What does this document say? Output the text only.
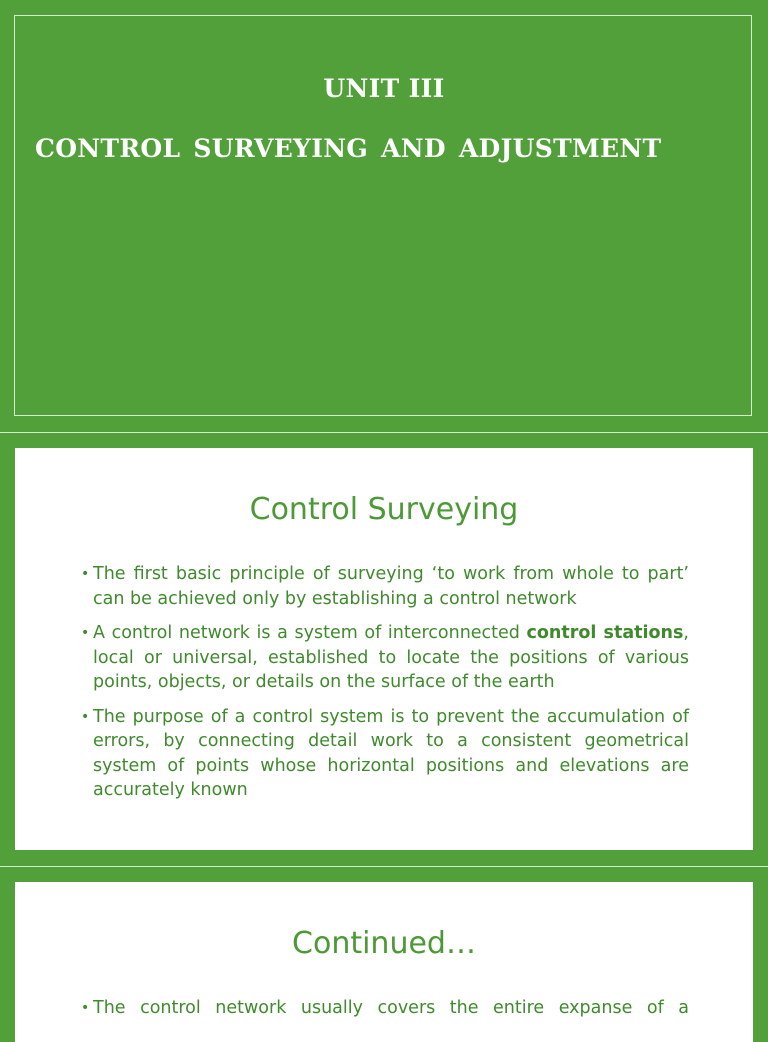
UNIT III
CONTROL SURVEYING AND ADJUSTMENT
Control Surveying
• The first basic principle of surveying ‘to work from whole to part’ can be achieved only by establishing a control network
• A control network is a system of interconnected control stations, local or universal, established to locate the positions of various points, objects, or details on the surface of the earth
• The purpose of a control system is to prevent the accumulation of errors, by connecting detail work to a consistent geometrical system of points whose horizontal positions and elevations are accurately known
Continued…
• The control network usually covers the entire expanse of a
